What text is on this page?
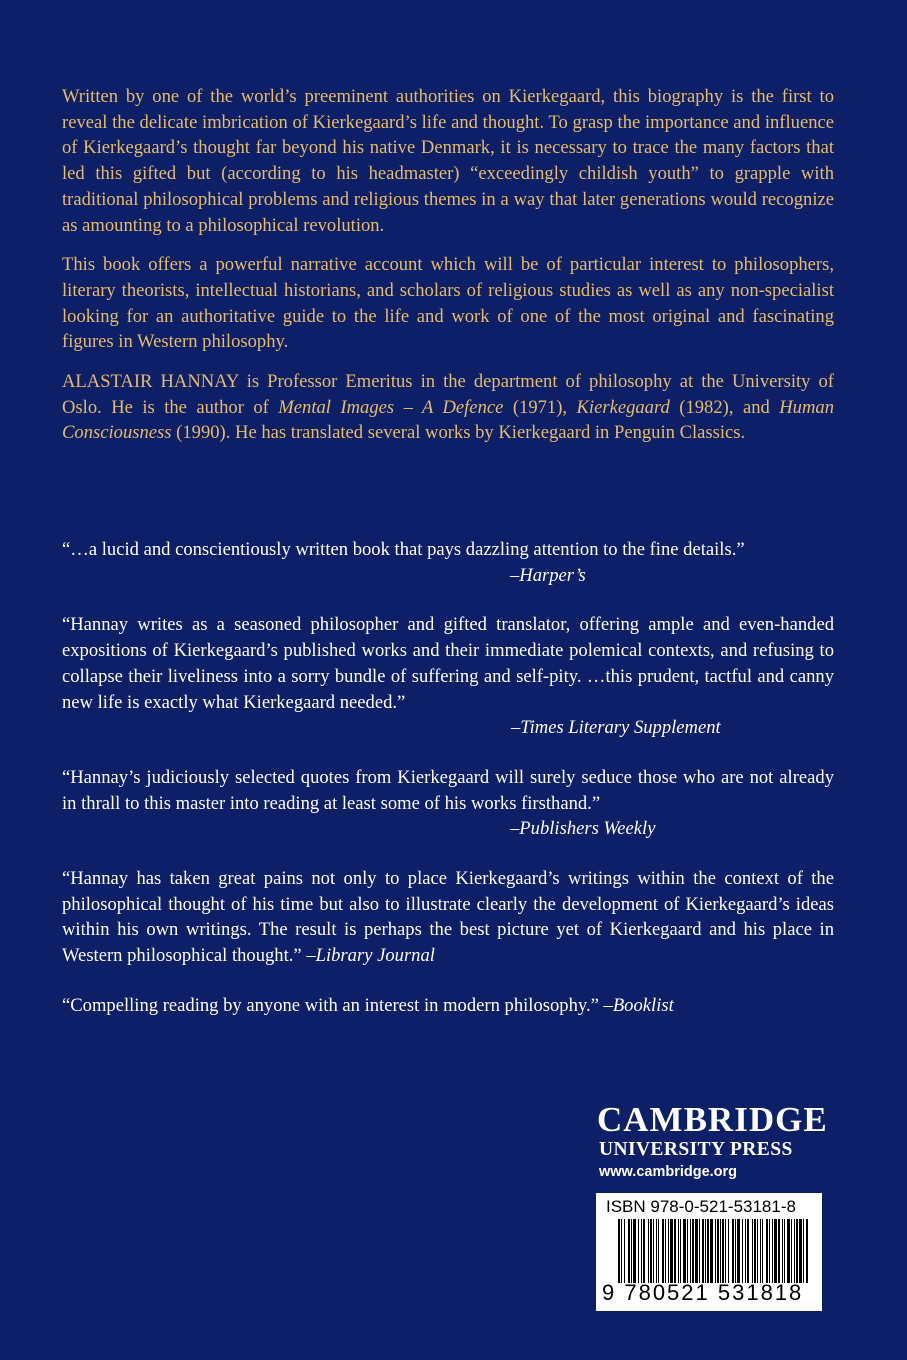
Written by one of the world’s preeminent authorities on Kierkegaard, this biography is the first to reveal the delicate imbrication of Kierkegaard’s life and thought. To grasp the importance and influence of Kierkegaard’s thought far beyond his native Denmark, it is necessary to trace the many factors that led this gifted but (according to his headmaster) “exceedingly childish youth” to grapple with traditional philosophical problems and religious themes in a way that later generations would recognize as amounting to a philosophical revolution.

This book offers a powerful narrative account which will be of particular interest to philosophers, literary theorists, intellectual historians, and scholars of religious studies as well as any non-specialist looking for an authoritative guide to the life and work of one of the most original and fascinating figures in Western philosophy.

ALASTAIR HANNAY is Professor Emeritus in the department of philosophy at the University of Oslo. He is the author of Mental Images – A Defence (1971), Kierkegaard (1982), and Human Consciousness (1990). He has translated several works by Kierkegaard in Penguin Classics.

“…a lucid and conscientiously written book that pays dazzling attention to the fine details.”

–Harper’s

“Hannay writes as a seasoned philosopher and gifted translator, offering ample and even-handed expositions of Kierkegaard’s published works and their immediate polemical contexts, and refusing to collapse their liveliness into a sorry bundle of suffering and self-pity. …this prudent, tactful and canny new life is exactly what Kierkegaard needed.”

–Times Literary Supplement

“Hannay’s judiciously selected quotes from Kierkegaard will surely seduce those who are not already in thrall to this master into reading at least some of his works firsthand.”

–Publishers Weekly

“Hannay has taken great pains not only to place Kierkegaard’s writings within the context of the philosophical thought of his time but also to illustrate clearly the development of Kierkegaard’s ideas within his own writings. The result is perhaps the best picture yet of Kierkegaard and his place in Western philosophical thought.” –Library Journal

“Compelling reading by anyone with an interest in modern philosophy.” –Booklist

CAMBRIDGE

UNIVERSITY PRESS

www.cambridge.org

ISBN 978-0-521-53181-8
9 780521 531818
